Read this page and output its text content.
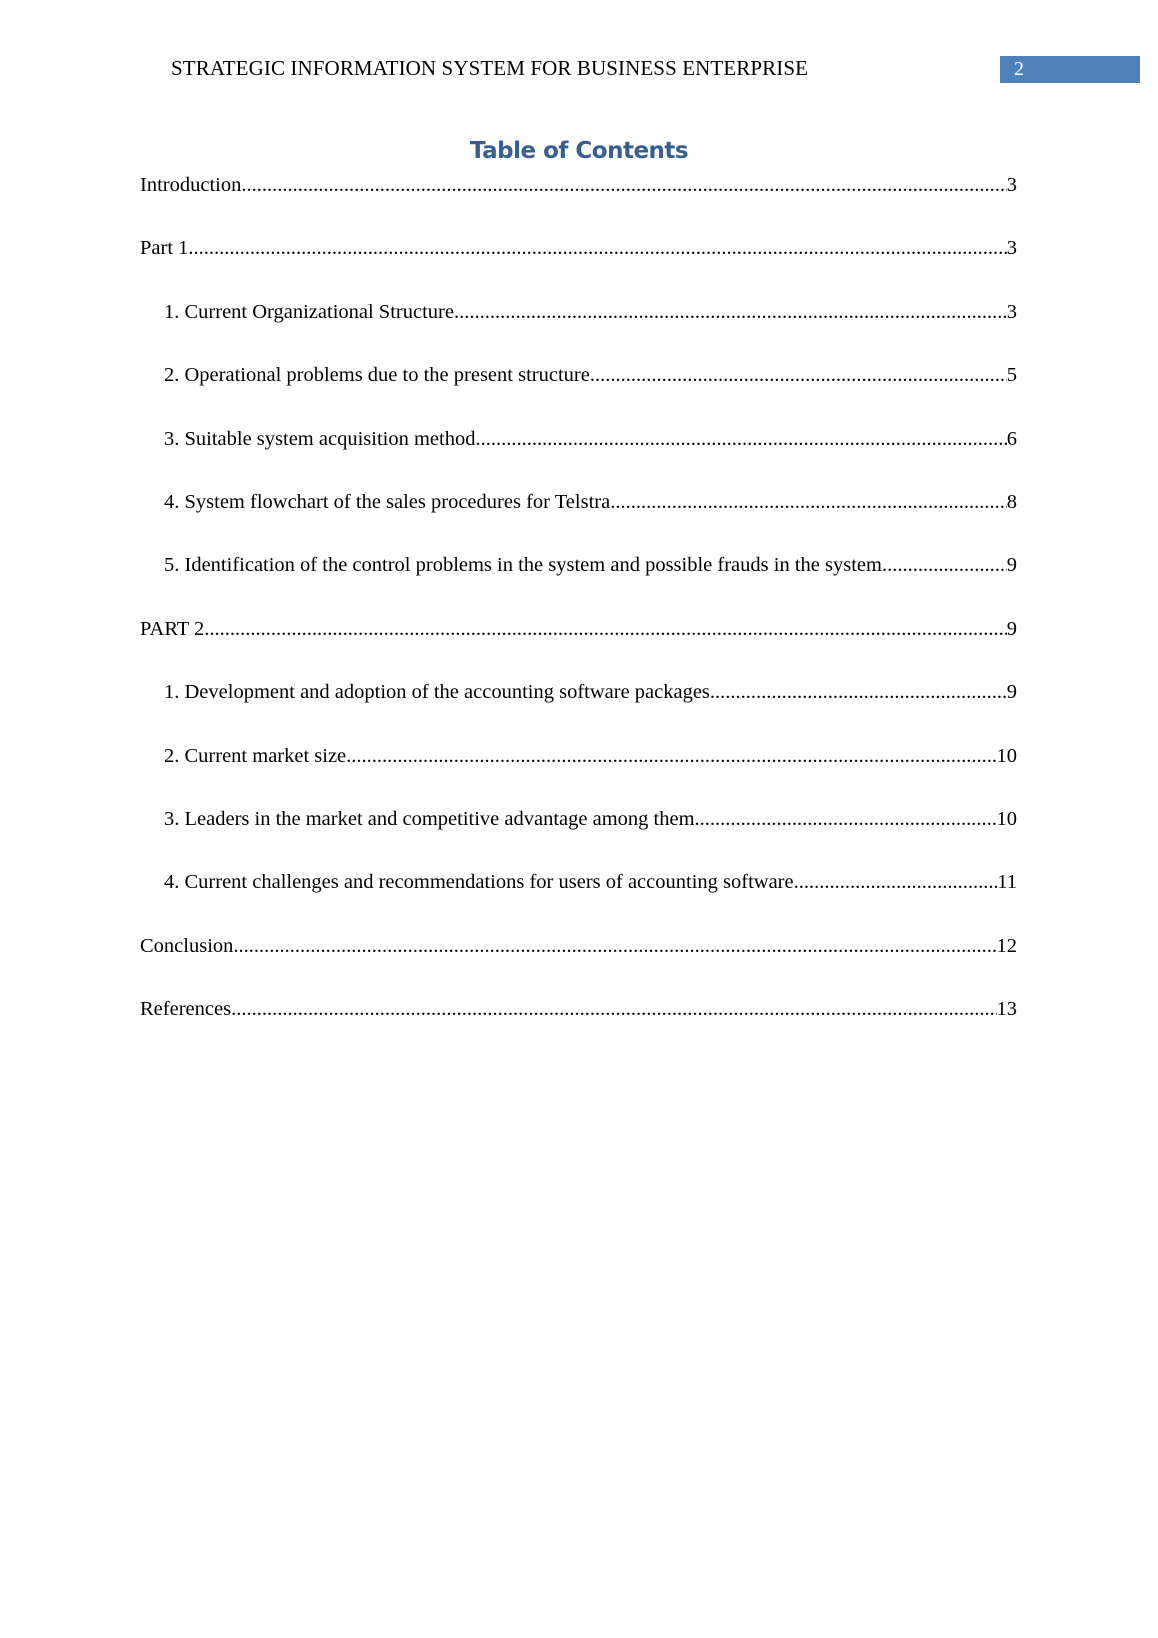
STRATEGIC INFORMATION SYSTEM FOR BUSINESS ENTERPRISE	2
Table of Contents
Introduction .....	3
Part 1 .....	3
1. Current Organizational Structure .....	3
2. Operational problems due to the present structure .....	5
3. Suitable system acquisition method .....	6
4. System flowchart of the sales procedures for Telstra .....	8
5. Identification of the control problems in the system and possible frauds in the system .....	9
PART 2 .....	9
1. Development and adoption of the accounting software packages .....	9
2. Current market size .....	10
3. Leaders in the market and competitive advantage among them .....	10
4. Current challenges and recommendations for users of accounting software .....	11
Conclusion .....	12
References .....	13
